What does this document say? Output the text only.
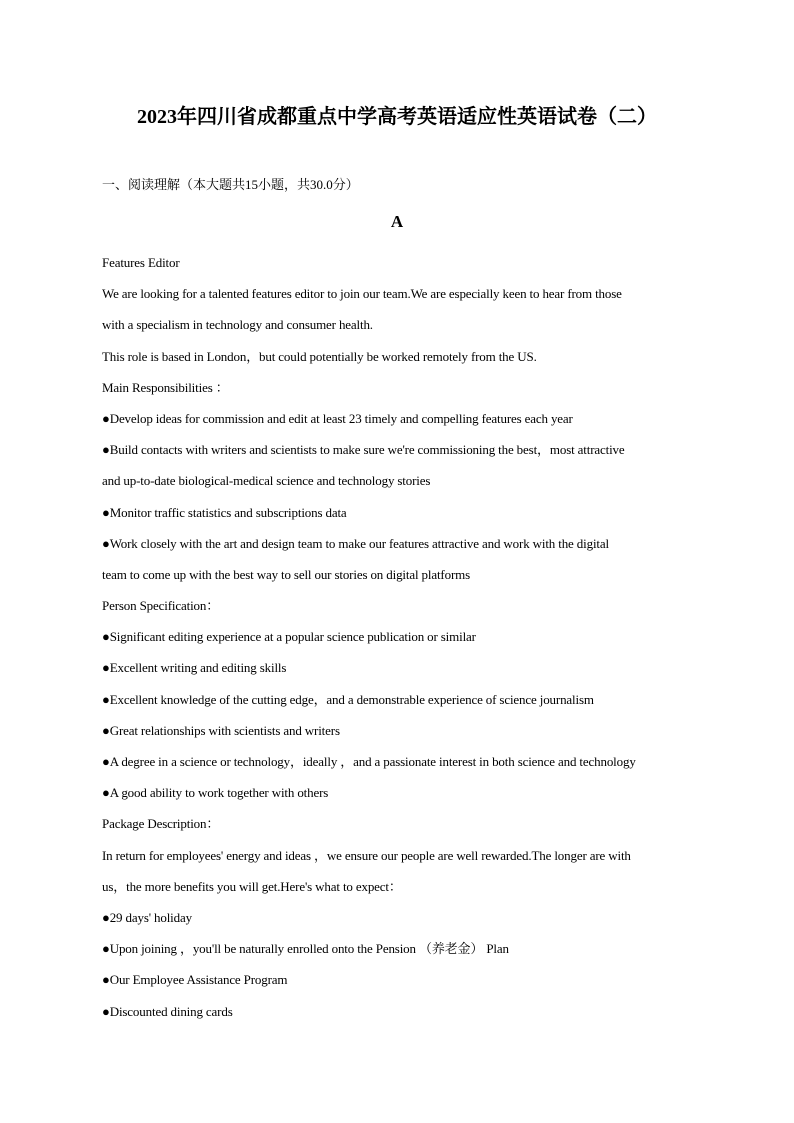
2023年四川省成都重点中学高考英语适应性英语试卷（二）
一、阅读理解（本大题共15小题，共30.0分）
A
Features Editor
We are looking for a talented features editor to join our team.We are especially keen to hear from those
with a specialism in technology and consumer health.
This role is based in London，but could potentially be worked remotely from the US.
Main Responsibilities ：
●Develop ideas for commission and edit at least 23 timely and compelling features each year
●Build contacts with writers and scientists to make sure we're commissioning the best，most attractive
and up-to-date biological-medical science and technology stories
●Monitor traffic statistics and subscriptions data
●Work closely with the art and design team to make our features attractive and work with the digital
team to come up with the best way to sell our stories on digital platforms
Person Specification：
●Significant editing experience at a popular science publication or similar
●Excellent writing and editing skills
●Excellent knowledge of the cutting edge，and a demonstrable experience of science journalism
●Great relationships with scientists and writers
●A degree in a science or technology，ideally ，and a passionate interest in both science and technology
●A good ability to work together with others
Package Description：
In return for employees' energy and ideas ，we ensure our people are well rewarded.The longer are with
us，the more benefits you will get.Here's what to expect：
●29 days' holiday
●Upon joining ，you'll be naturally enrolled onto the Pension （养老金） Plan
●Our Employee Assistance Program
●Discounted dining cards
